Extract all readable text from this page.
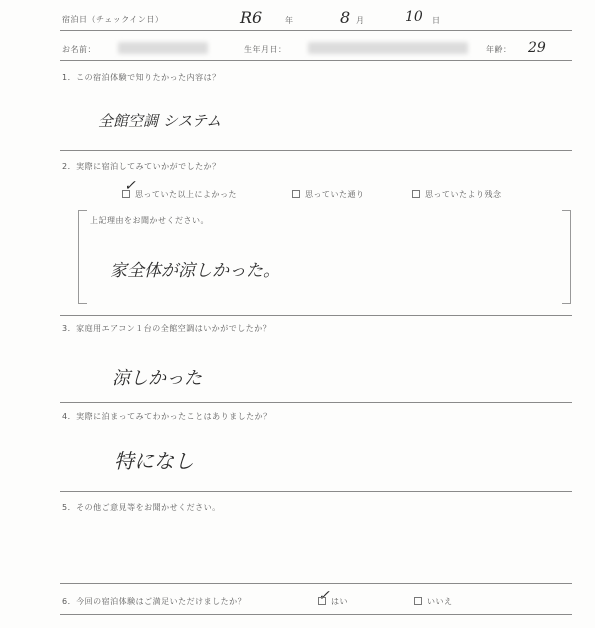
宿泊日（チェックイン日）	R6	年	8 月	10 日
お名前：	生年月日：	年齢： 29
1．この宿泊体験で知りたかった内容は？
全館空調 システム
2．実際に宿泊してみていかがでしたか？
✓
思っていた以上によかった	思っていた通り	思っていたより残念
上記理由をお聞かせください。
家全体が涼しかった。
3．家庭用エアコン１台の全館空調はいかがでしたか？
涼しかった
4．実際に泊まってみてわかったことはありましたか？
特になし
5．その他ご意見等をお聞かせください。
6．今回の宿泊体験はご満足いただけましたか？	✓ はい	いいえ
